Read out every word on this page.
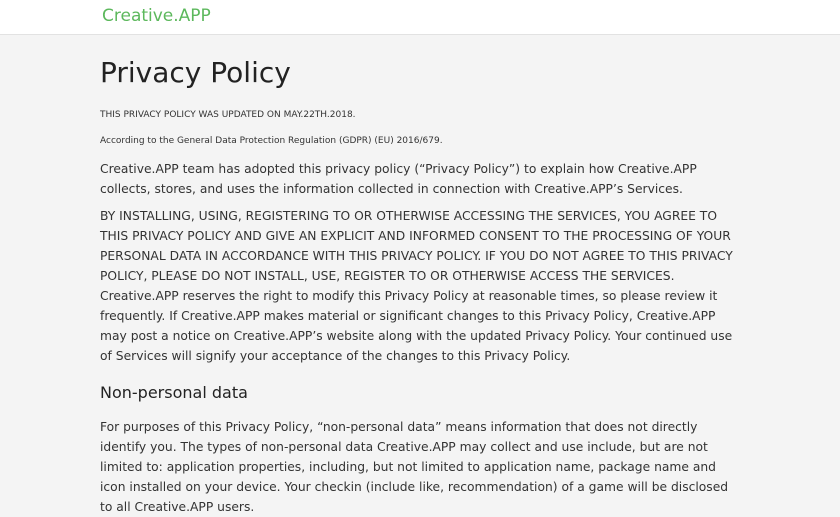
Creative.APP
Privacy Policy

THIS PRIVACY POLICY WAS UPDATED ON MAY.22TH.2018.

According to the General Data Protection Regulation (GDPR) (EU) 2016/679.

Creative.APP team has adopted this privacy policy (“Privacy Policy”) to explain how Creative.APP collects, stores, and uses the information collected in connection with Creative.APP’s Services.

BY INSTALLING, USING, REGISTERING TO OR OTHERWISE ACCESSING THE SERVICES, YOU AGREE TO THIS PRIVACY POLICY AND GIVE AN EXPLICIT AND INFORMED CONSENT TO THE PROCESSING OF YOUR PERSONAL DATA IN ACCORDANCE WITH THIS PRIVACY POLICY. IF YOU DO NOT AGREE TO THIS PRIVACY POLICY, PLEASE DO NOT INSTALL, USE, REGISTER TO OR OTHERWISE ACCESS THE SERVICES. Creative.APP reserves the right to modify this Privacy Policy at reasonable times, so please review it frequently. If Creative.APP makes material or significant changes to this Privacy Policy, Creative.APP may post a notice on Creative.APP’s website along with the updated Privacy Policy. Your continued use of Services will signify your acceptance of the changes to this Privacy Policy.

Non-personal data

For purposes of this Privacy Policy, “non-personal data” means information that does not directly identify you. The types of non-personal data Creative.APP may collect and use include, but are not limited to: application properties, including, but not limited to application name, package name and icon installed on your device. Your checkin (include like, recommendation) of a game will be disclosed to all Creative.APP users.
